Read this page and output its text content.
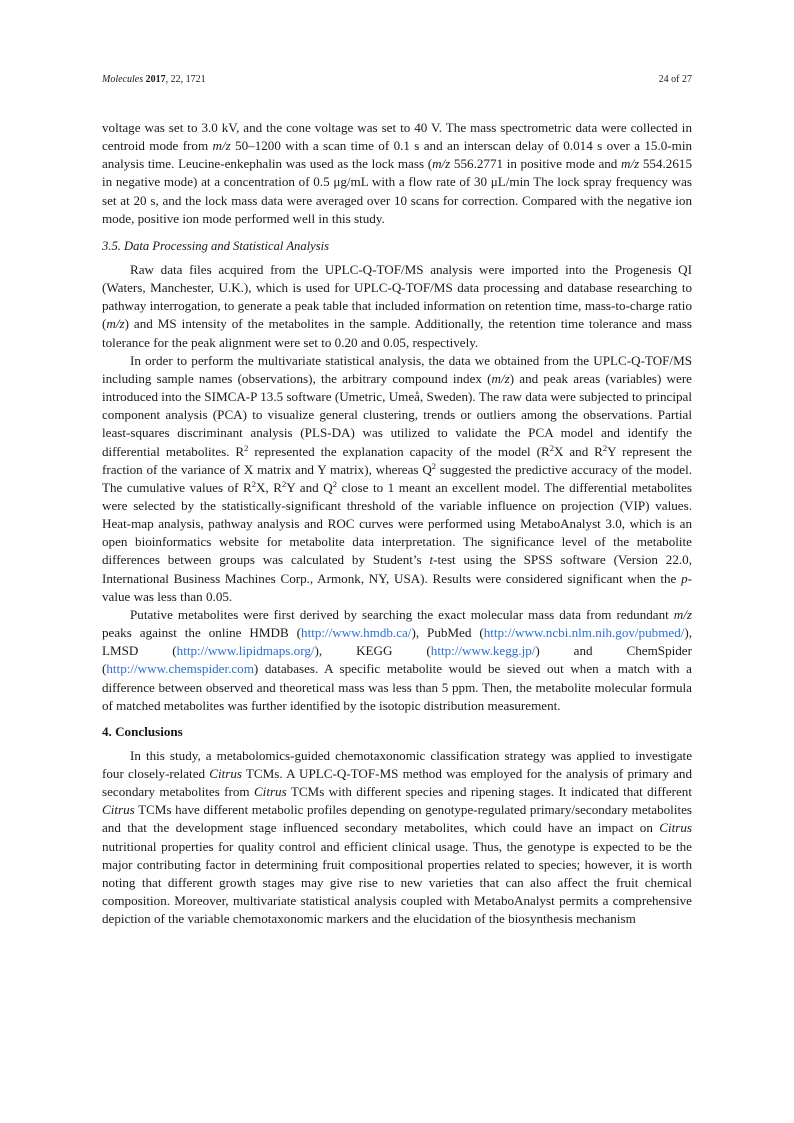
Molecules 2017, 22, 1721	24 of 27

voltage was set to 3.0 kV, and the cone voltage was set to 40 V. The mass spectrometric data were collected in centroid mode from m/z 50–1200 with a scan time of 0.1 s and an interscan delay of 0.014 s over a 15.0-min analysis time. Leucine-enkephalin was used as the lock mass (m/z 556.2771 in positive mode and m/z 554.2615 in negative mode) at a concentration of 0.5 μg/mL with a flow rate of 30 μL/min The lock spray frequency was set at 20 s, and the lock mass data were averaged over 10 scans for correction. Compared with the negative ion mode, positive ion mode performed well in this study.

3.5. Data Processing and Statistical Analysis

Raw data files acquired from the UPLC-Q-TOF/MS analysis were imported into the Progenesis QI (Waters, Manchester, U.K.), which is used for UPLC-Q-TOF/MS data processing and database researching to pathway interrogation, to generate a peak table that included information on retention time, mass-to-charge ratio (m/z) and MS intensity of the metabolites in the sample. Additionally, the retention time tolerance and mass tolerance for the peak alignment were set to 0.20 and 0.05, respectively.

In order to perform the multivariate statistical analysis, the data we obtained from the UPLC-Q-TOF/MS including sample names (observations), the arbitrary compound index (m/z) and peak areas (variables) were introduced into the SIMCA-P 13.5 software (Umetric, Umeå, Sweden). The raw data were subjected to principal component analysis (PCA) to visualize general clustering, trends or outliers among the observations. Partial least-squares discriminant analysis (PLS-DA) was utilized to validate the PCA model and identify the differential metabolites. $R^2$ represented the explanation capacity of the model ($R^2X$ and $R^2Y$ represent the fraction of the variance of X matrix and Y matrix), whereas $Q^2$ suggested the predictive accuracy of the model. The cumulative values of $R^2X$, $R^2Y$ and $Q^2$ close to 1 meant an excellent model. The differential metabolites were selected by the statistically-significant threshold of the variable influence on projection (VIP) values. Heat-map analysis, pathway analysis and ROC curves were performed using MetaboAnalyst 3.0, which is an open bioinformatics website for metabolite data interpretation. The significance level of the metabolite differences between groups was calculated by Student’s t-test using the SPSS software (Version 22.0, International Business Machines Corp., Armonk, NY, USA). Results were considered significant when the p-value was less than 0.05.

Putative metabolites were first derived by searching the exact molecular mass data from redundant m/z peaks against the online HMDB (http://www.hmdb.ca/), PubMed (http://www.ncbi.nlm.nih.gov/pubmed/), LMSD (http://www.lipidmaps.org/), KEGG (http://www.kegg.jp/) and ChemSpider (http://www.chemspider.com) databases. A specific metabolite would be sieved out when a match with a difference between observed and theoretical mass was less than 5 ppm. Then, the metabolite molecular formula of matched metabolites was further identified by the isotopic distribution measurement.

4. Conclusions

In this study, a metabolomics-guided chemotaxonomic classification strategy was applied to investigate four closely-related Citrus TCMs. A UPLC-Q-TOF-MS method was employed for the analysis of primary and secondary metabolites from Citrus TCMs with different species and ripening stages. It indicated that different Citrus TCMs have different metabolic profiles depending on genotype-regulated primary/secondary metabolites and that the development stage influenced secondary metabolites, which could have an impact on Citrus nutritional properties for quality control and efficient clinical usage. Thus, the genotype is expected to be the major contributing factor in determining fruit compositional properties related to species; however, it is worth noting that different growth stages may give rise to new varieties that can also affect the fruit chemical composition. Moreover, multivariate statistical analysis coupled with MetaboAnalyst permits a comprehensive depiction of the variable chemotaxonomic markers and the elucidation of the biosynthesis mechanism
